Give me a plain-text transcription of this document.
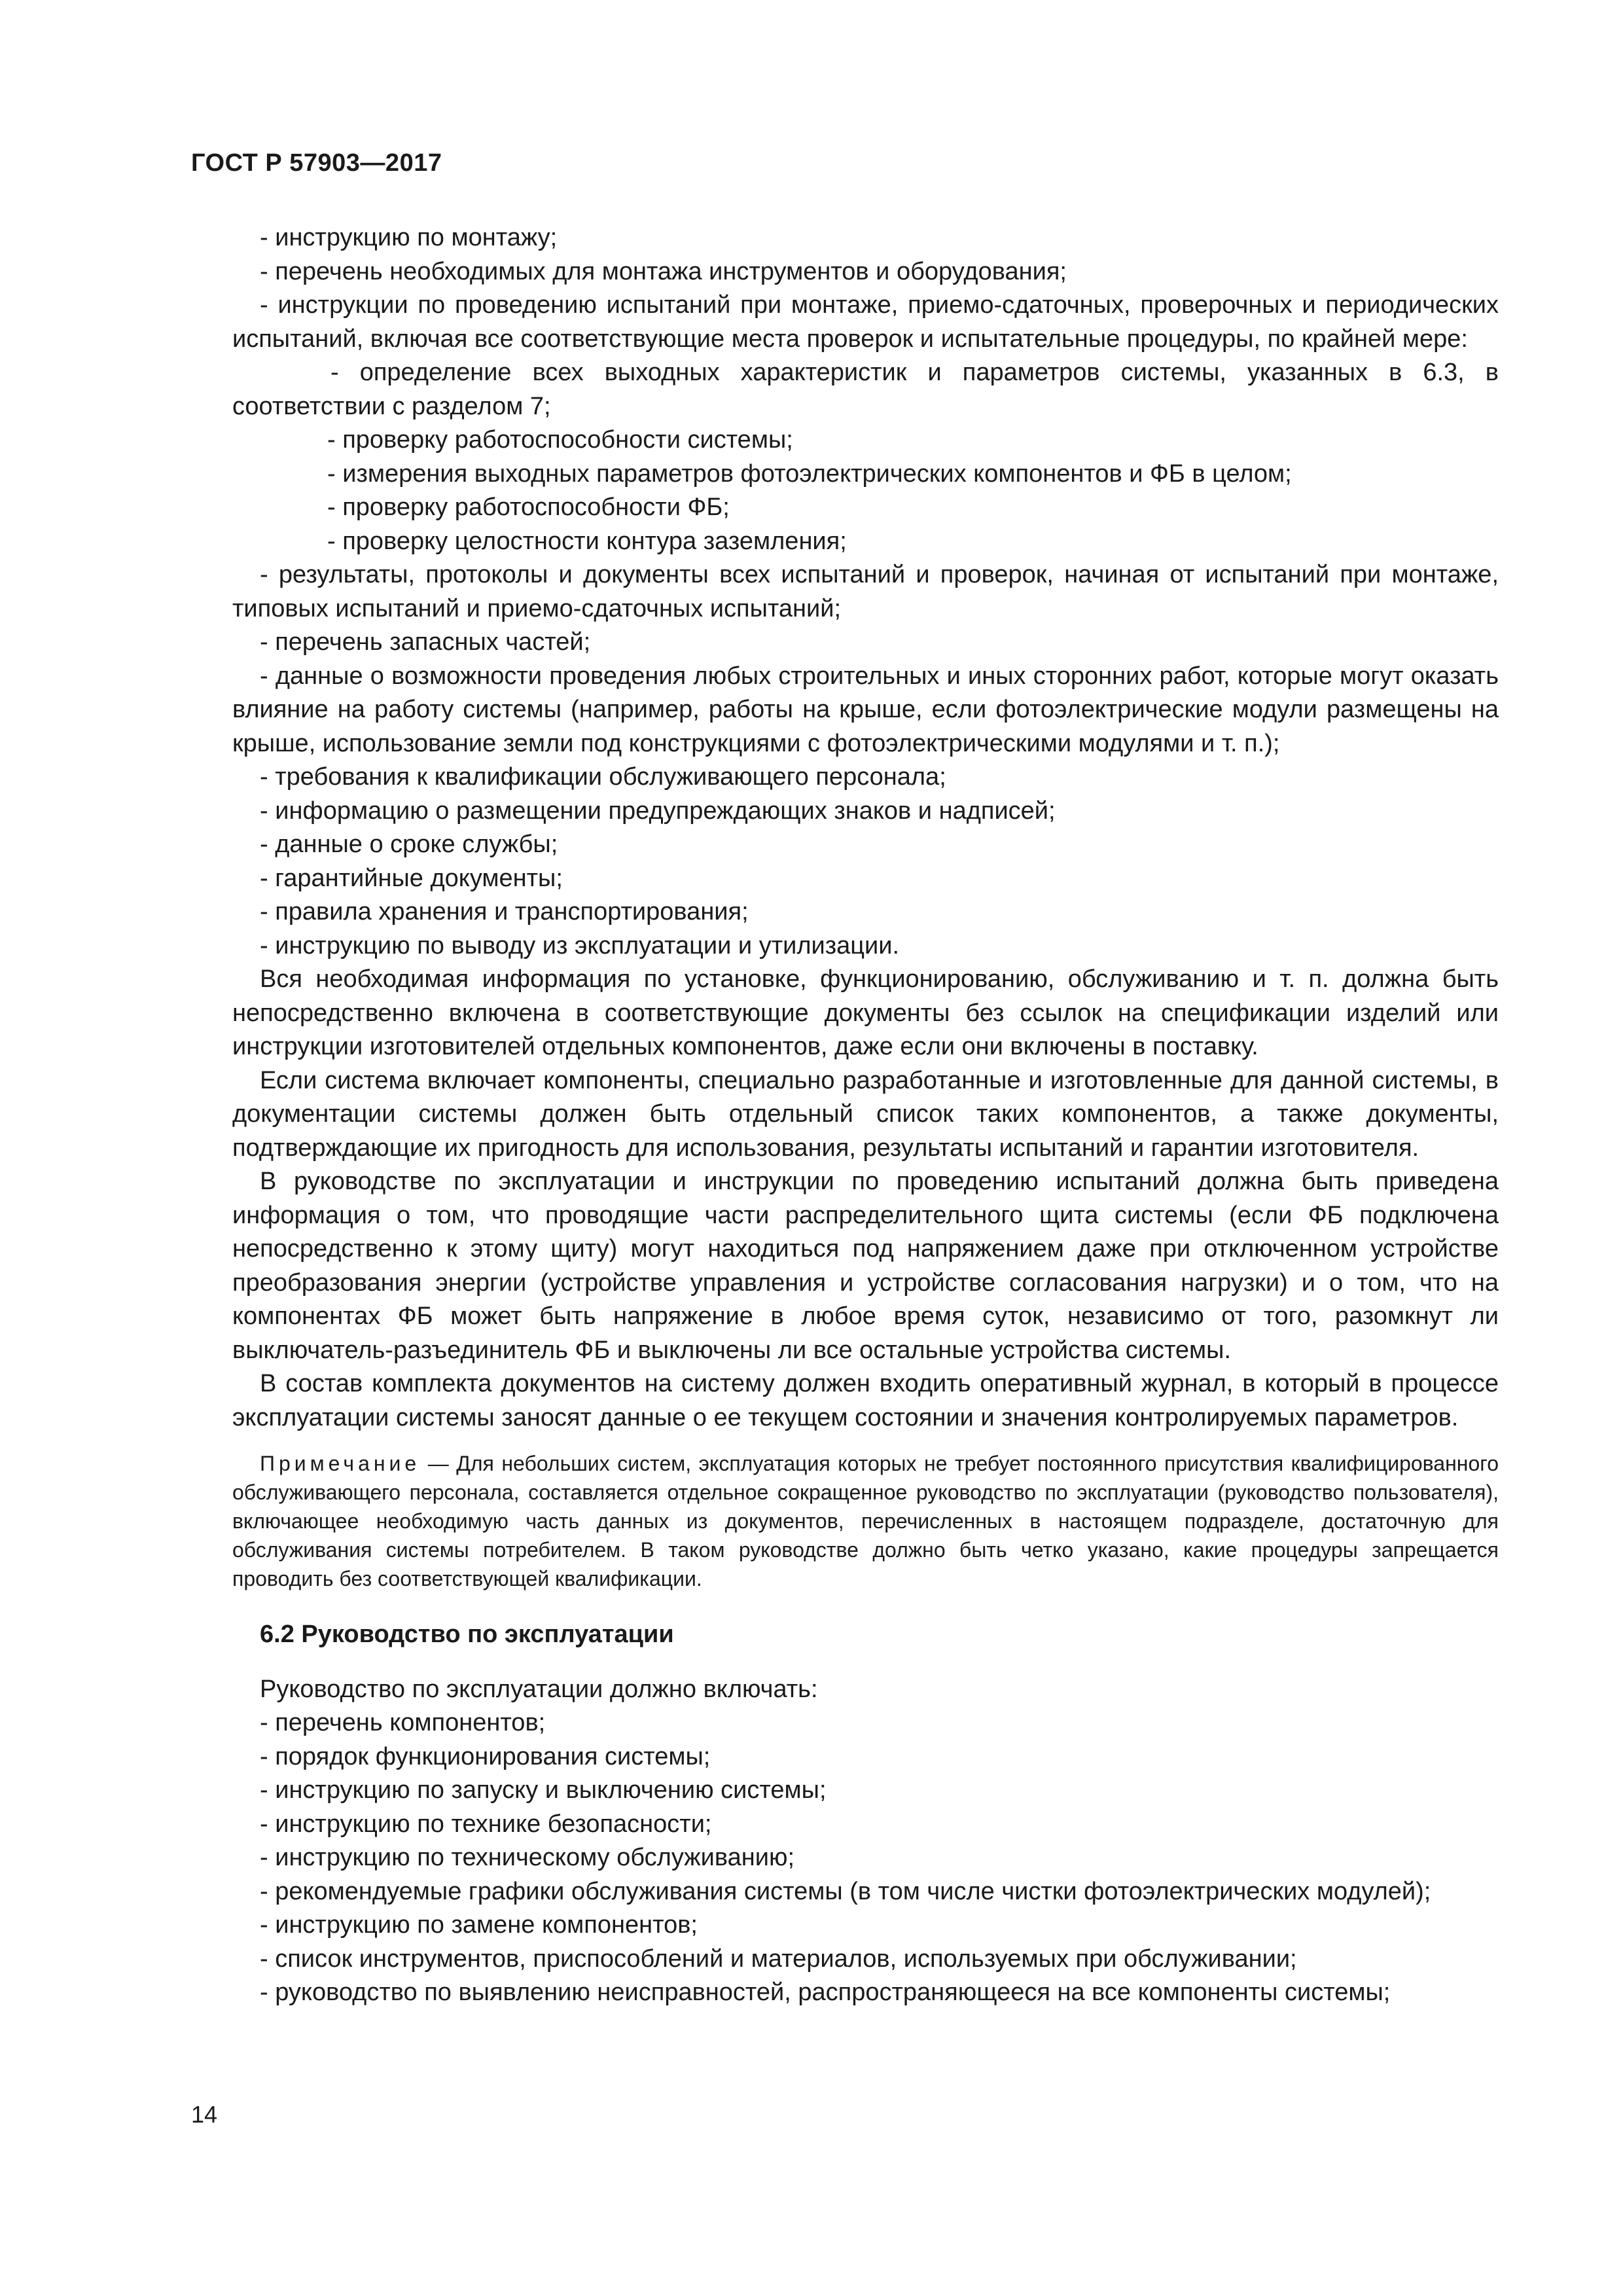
ГОСТ Р 57903—2017

- инструкцию по монтажу;

- перечень необходимых для монтажа инструментов и оборудования;

- инструкции по проведению испытаний при монтаже, приемо-сдаточных, проверочных и периодических испытаний, включая все соответствующие места проверок и испытательные процедуры, по крайней мере:

- определение всех выходных характеристик и параметров системы, указанных в 6.3, в соответствии с разделом 7;

- проверку работоспособности системы;

- измерения выходных параметров фотоэлектрических компонентов и ФБ в целом;

- проверку работоспособности ФБ;

- проверку целостности контура заземления;

- результаты, протоколы и документы всех испытаний и проверок, начиная от испытаний при монтаже, типовых испытаний и приемо-сдаточных испытаний;

- перечень запасных частей;

- данные о возможности проведения любых строительных и иных сторонних работ, которые могут оказать влияние на работу системы (например, работы на крыше, если фотоэлектрические модули размещены на крыше, использование земли под конструкциями с фотоэлектрическими модулями и т. п.);

- требования к квалификации обслуживающего персонала;

- информацию о размещении предупреждающих знаков и надписей;

- данные о сроке службы;

- гарантийные документы;

- правила хранения и транспортирования;

- инструкцию по выводу из эксплуатации и утилизации.

Вся необходимая информация по установке, функционированию, обслуживанию и т. п. должна быть непосредственно включена в соответствующие документы без ссылок на спецификации изделий или инструкции изготовителей отдельных компонентов, даже если они включены в поставку.

Если система включает компоненты, специально разработанные и изготовленные для данной системы, в документации системы должен быть отдельный список таких компонентов, а также документы, подтверждающие их пригодность для использования, результаты испытаний и гарантии изготовителя.

В руководстве по эксплуатации и инструкции по проведению испытаний должна быть приведена информация о том, что проводящие части распределительного щита системы (если ФБ подключена непосредственно к этому щиту) могут находиться под напряжением даже при отключенном устройстве преобразования энергии (устройстве управления и устройстве согласования нагрузки) и о том, что на компонентах ФБ может быть напряжение в любое время суток, независимо от того, разомкнут ли выключатель-разъединитель ФБ и выключены ли все остальные устройства системы.

В состав комплекта документов на систему должен входить оперативный журнал, в который в процессе эксплуатации системы заносят данные о ее текущем состоянии и значения контролируемых параметров.

Примечание — Для небольших систем, эксплуатация которых не требует постоянного присутствия квалифицированного обслуживающего персонала, составляется отдельное сокращенное руководство по эксплуатации (руководство пользователя), включающее необходимую часть данных из документов, перечисленных в настоящем подразделе, достаточную для обслуживания системы потребителем. В таком руководстве должно быть четко указано, какие процедуры запрещается проводить без соответствующей квалификации.

6.2 Руководство по эксплуатации

Руководство по эксплуатации должно включать:

- перечень компонентов;

- порядок функционирования системы;

- инструкцию по запуску и выключению системы;

- инструкцию по технике безопасности;

- инструкцию по техническому обслуживанию;

- рекомендуемые графики обслуживания системы (в том числе чистки фотоэлектрических модулей);

- инструкцию по замене компонентов;

- список инструментов, приспособлений и материалов, используемых при обслуживании;

- руководство по выявлению неисправностей, распространяющееся на все компоненты системы;

14
